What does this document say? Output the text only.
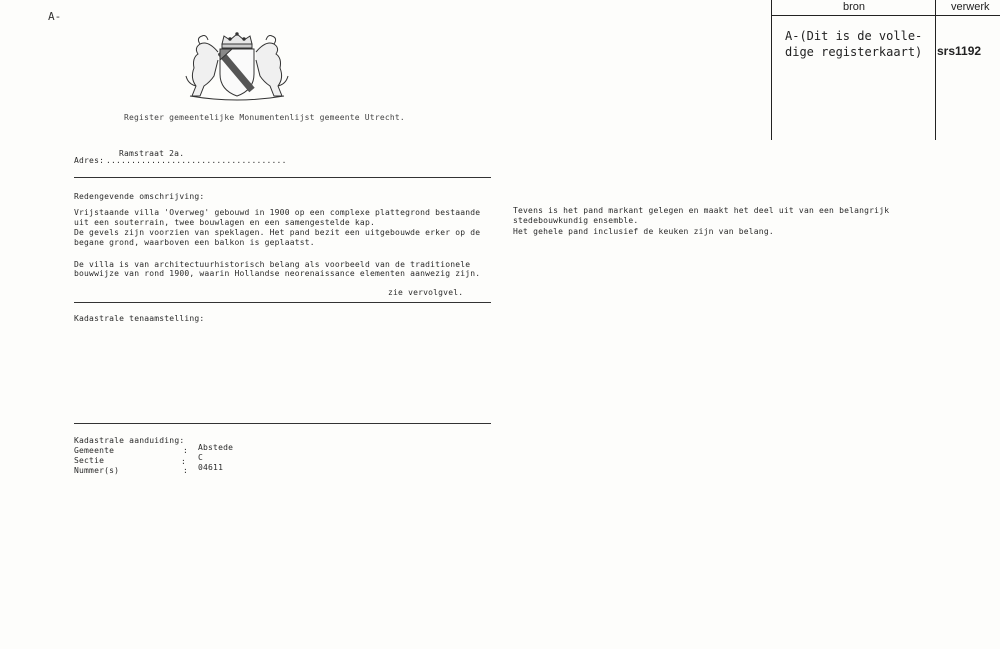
A-
bron	verwerk
A-(Dit is de volle-
dige registerkaart) srs1192
Register gemeentelijke Monumentenlijst gemeente Utrecht.
Adres:
Ramstraat 2a.
....................................
Redengevende omschrijving:
Vrijstaande villa 'Overweg' gebouwd in 1900 op een complexe plattegrond bestaande
uit een souterrain, twee bouwlagen en een samengestelde kap.
De gevels zijn voorzien van speklagen. Het pand bezit een uitgebouwde erker op de
begane grond, waarboven een balkon is geplaatst.
De villa is van architectuurhistorisch belang als voorbeeld van de traditionele
bouwwijze van rond 1900, waarin Hollandse neorenaissance elementen aanwezig zijn.
zie vervolgvel.
Tevens is het pand markant gelegen en maakt het deel uit van een belangrijk
stedebouwkundig ensemble.
Het gehele pand inclusief de keuken zijn van belang.
Kadastrale tenaamstelling:
Kadastrale aanduiding:
Gemeente	: Abstede
Sectie	: C
Nummer(s)	: 04611
